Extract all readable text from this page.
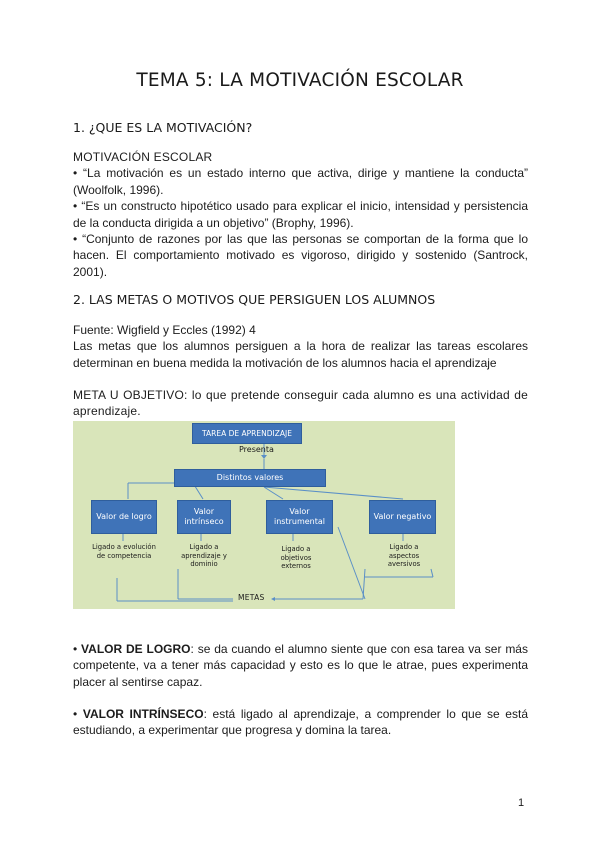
TEMA 5: LA MOTIVACIÓN ESCOLAR
1. ¿QUE ES LA MOTIVACIÓN?

MOTIVACIÓN ESCOLAR

• “La motivación es un estado interno que activa, dirige y mantiene la conducta” (Woolfolk, 1996).

• “Es un constructo hipotético usado para explicar el inicio, intensidad y persistencia de la conducta dirigida a un objetivo” (Brophy, 1996).

• “Conjunto de razones por las que las personas se comportan de la forma que lo hacen. El comportamiento motivado es vigoroso, dirigido y sostenido (Santrock, 2001).

2. LAS METAS O MOTIVOS QUE PERSIGUEN LOS ALUMNOS

Fuente: Wigfield y Eccles (1992) 4

Las metas que los alumnos persiguen a la hora de realizar las tareas escolares determinan en buena medida la motivación de los alumnos hacia el aprendizaje

META U OBJETIVO: lo que pretende conseguir cada alumno es una actividad de aprendizaje.

TAREA DE APRENDIZAJE
Presenta
Distintos valores
Valor de logro
Valor intrínseco
Valor instrumental
Valor negativo
Ligado a evolución de competencia
Ligado a aprendizaje y dominio
Ligado a objetivos externos
Ligado a aspectos aversivos
METAS

• VALOR DE LOGRO: se da cuando el alumno siente que con esa tarea va ser más competente, va a tener más capacidad y esto es lo que le atrae, pues experimenta placer al sentirse capaz.

• VALOR INTRÍNSECO: está ligado al aprendizaje, a comprender lo que se está estudiando, a experimentar que progresa y domina la tarea.

1
